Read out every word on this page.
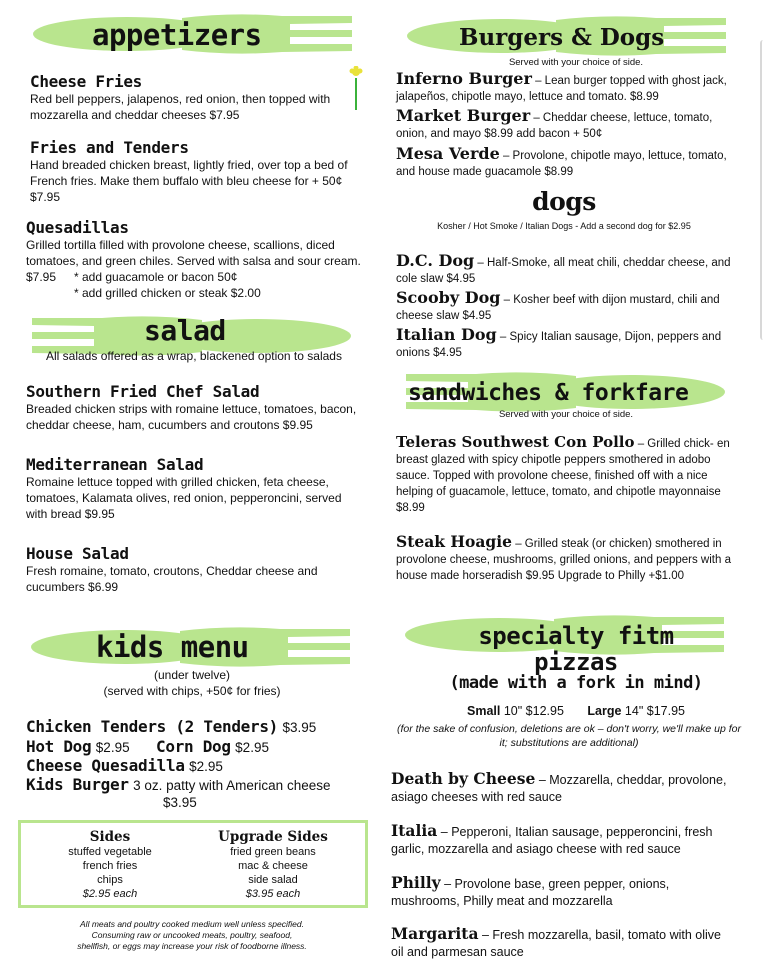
appetizers
Cheese Fries
Red bell peppers, jalapenos, red onion, then topped with mozzarella and cheddar cheeses $7.95
Fries and Tenders
Hand breaded chicken breast, lightly fried, over top a bed of French fries. Make them buffalo with bleu cheese for + 50¢ $7.95
Quesadillas
Grilled tortilla filled with provolone cheese, scallions, diced tomatoes, and green chiles. Served with salsa and sour cream.
$7.95 * add guacamole or bacon 50¢
* add grilled chicken or steak $2.00
salad
All salads offered as a wrap, blackened option to salads
Southern Fried Chef Salad
Breaded chicken strips with romaine lettuce, tomatoes, bacon, cheddar cheese, ham, cucumbers and croutons $9.95
Mediterranean Salad
Romaine lettuce topped with grilled chicken, feta cheese, tomatoes, Kalamata olives, red onion, pepperoncini, served with bread $9.95
House Salad
Fresh romaine, tomato, croutons, Cheddar cheese and cucumbers $6.99
kids menu
(under twelve)
(served with chips, +50¢ for fries)
Chicken Tenders (2 Tenders) $3.95
Hot Dog $2.95 Corn Dog $2.95
Cheese Quesadilla $2.95
Kids Burger 3 oz. patty with American cheese
$3.95
Sides
stuffed vegetable
french fries
chips
$2.95 each
Upgrade Sides
fried green beans
mac & cheese
side salad
$3.95 each
All meats and poultry cooked medium well unless specified.
Consuming raw or uncooked meats, poultry, seafood,
shellfish, or eggs may increase your risk of foodborne illness.
Burgers & Dogs
Served with your choice of side.
Inferno Burger – Lean burger topped with ghost jack, jalapeños, chipotle mayo, lettuce and tomato. $8.99
Market Burger – Cheddar cheese, lettuce, tomato, onion, and mayo $8.99 add bacon + 50¢
Mesa Verde – Provolone, chipotle mayo, lettuce, tomato, and house made guacamole $8.99
dogs
Kosher / Hot Smoke / Italian Dogs - Add a second dog for $2.95
D.C. Dog – Half-Smoke, all meat chili, cheddar cheese, and cole slaw $4.95
Scooby Dog – Kosher beef with dijon mustard, chili and cheese slaw $4.95
Italian Dog – Spicy Italian sausage, Dijon, peppers and onions $4.95
sandwiches & forkfare
Served with your choice of side.
Teleras Southwest Con Pollo – Grilled chick- en breast glazed with spicy chipotle peppers smothered in adobo sauce. Topped with provolone cheese, finished off with a nice helping of guacamole, lettuce, tomato, and chipotle mayonnaise $8.99
Steak Hoagie – Grilled steak (or chicken) smothered in provolone cheese, mushrooms, grilled onions, and peppers with a house made horseradish $9.95 Upgrade to Philly +$1.00
specialty fitm
pizzas
(made with a fork in mind)
Small 10" $12.95 Large 14" $17.95
(for the sake of confusion, deletions are ok – don't worry, we'll make up for it; substitutions are additional)
Death by Cheese – Mozzarella, cheddar, provolone, asiago cheeses with red sauce
Italia – Pepperoni, Italian sausage, pepperoncini, fresh garlic, mozzarella and asiago cheese with red sauce
Philly – Provolone base, green pepper, onions, mushrooms, Philly meat and mozzarella
Margarita – Fresh mozzarella, basil, tomato with olive oil and parmesan sauce
